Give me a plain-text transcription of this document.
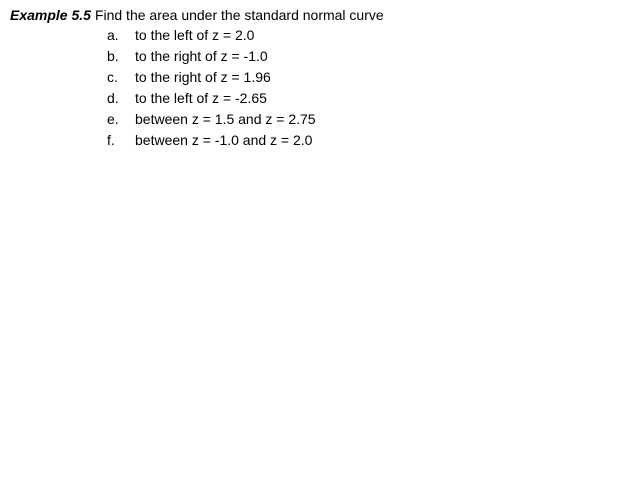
Example 5.5 Find the area under the standard normal curve
a.	to the left of z = 2.0
b.	to the right of z = -1.0
c.	to the right of z = 1.96
d.	to the left of z = -2.65
e.	between z = 1.5 and z = 2.75
f.	between z = -1.0 and z = 2.0
